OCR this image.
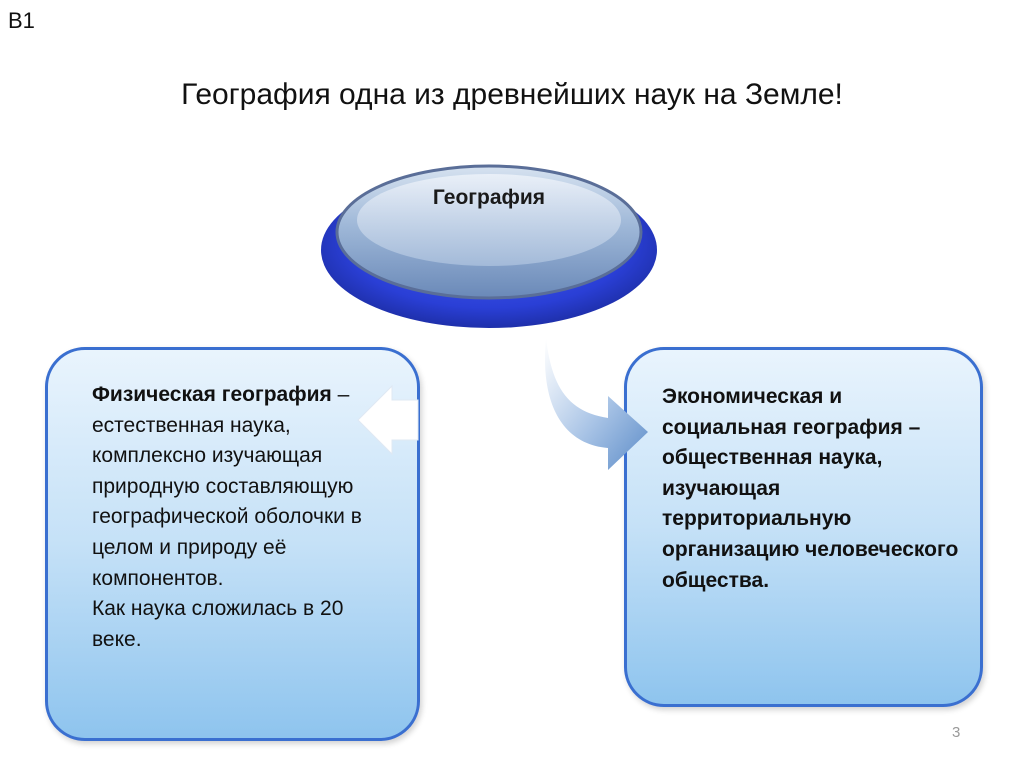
B1
География одна из древнейших наук на Земле!
География
Физическая география – естественная наука, комплексно изучающая природную составляющую географической оболочки в целом и природу её компонентов.
Как наука сложилась в 20 веке.
Экономическая и социальная география – общественная наука, изучающая территориальную организацию человеческого общества.
3
